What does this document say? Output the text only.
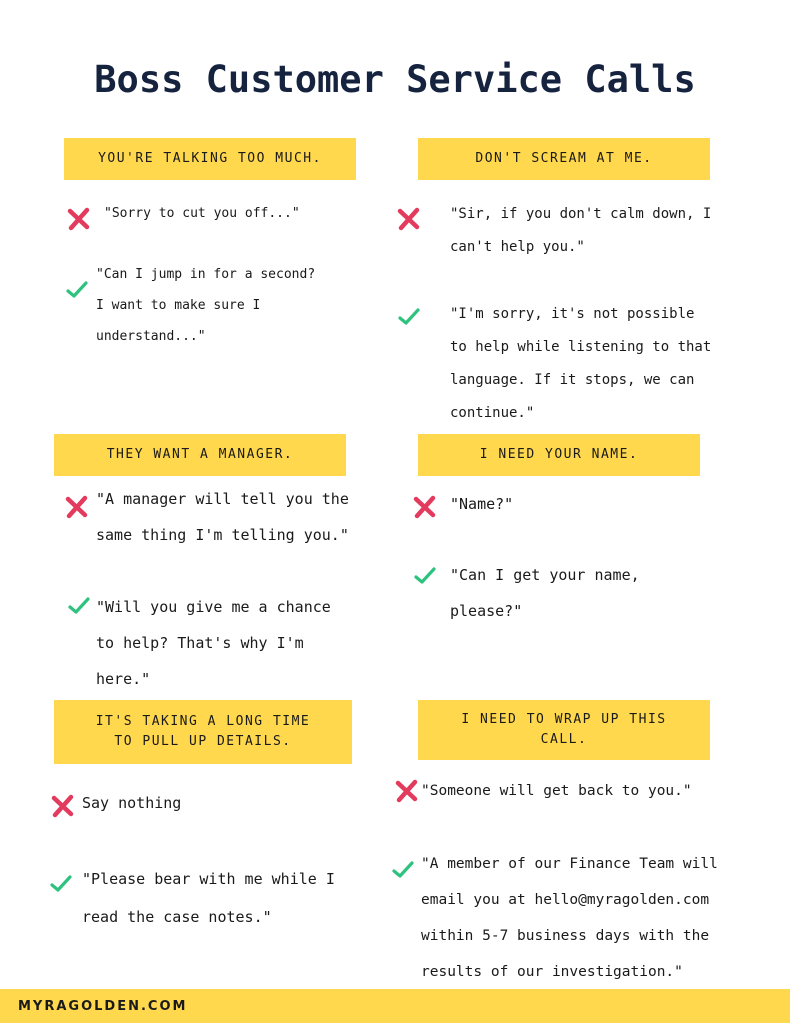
Boss Customer Service Calls
YOU'RE TALKING TOO MUCH.
"Sorry to cut you off..."
"Can I jump in for a second?
I want to make sure I
understand..."
DON'T SCREAM AT ME.
"Sir, if you don't calm down, I
can't help you."
"I'm sorry, it's not possible
to help while listening to that
language. If it stops, we can
continue."
THEY WANT A MANAGER.
"A manager will tell you the
same thing I'm telling you."
"Will you give me a chance
to help? That's why I'm
here."
I NEED YOUR NAME.
"Name?"
"Can I get your name,
please?"
IT'S TAKING A LONG TIME
TO PULL UP DETAILS.
Say nothing
"Please bear with me while I
read the case notes."
I NEED TO WRAP UP THIS
CALL.
"Someone will get back to you."
"A member of our Finance Team will
email you at hello@myragolden.com
within 5-7 business days with the
results of our investigation."
MYRAGOLDEN.COM
